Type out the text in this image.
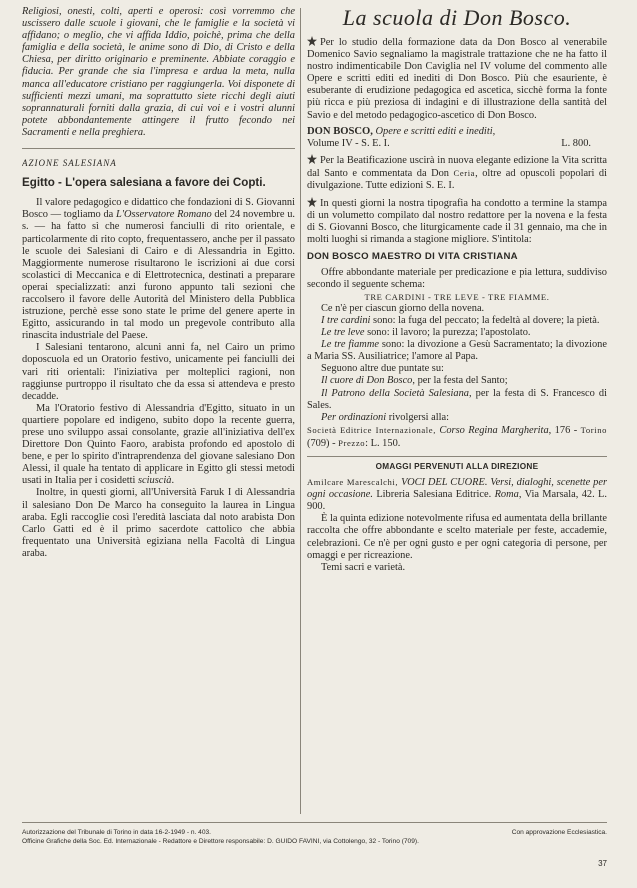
Religiosi, onesti, colti, aperti e operosi: così vorremmo che uscissero dalle scuole i giovani, che le famiglie e la società vi affidano; o meglio, che vi affida Iddio, poichè, prima che della famiglia e della società, le anime sono di Dio, di Cristo e della Chiesa, per diritto originario e preminente. Abbiate coraggio e fiducia. Per grande che sia l'impresa e ardua la meta, nulla manca all'educatore cristiano per raggiungerla. Voi disponete di sufficienti mezzi umani, ma soprattutto siete ricchi degli aiuti soprannaturali forniti dalla grazia, di cui voi e i vostri alunni potete abbondantemente attingere il frutto fecondo nei Sacramenti e nella preghiera.

AZIONE SALESIANA
Egitto - L'opera salesiana a favore dei Copti.

Il valore pedagogico e didattico che fondazioni di S. Giovanni Bosco — togliamo da L'Osservatore Romano del 24 novembre u. s. — ha fatto sì che numerosi fanciulli di rito orientale, e particolarmente di rito copto, frequentassero, anche per il passato le scuole dei Salesiani di Cairo e di Alessandria in Egitto. Maggiormente numerose risultarono le iscrizioni ai due corsi scolastici di Meccanica e di Elettrotecnica, destinati a preparare operai specializzati: anzi furono appunto tali sezioni che raccolsero il favore delle Autorità del Ministero della Pubblica istruzione, perchè esse sono state le prime del genere aperte in Egitto, assicurando in tal modo un pregevole contributo alla rinascita industriale del Paese.

I Salesiani tentarono, alcuni anni fa, nel Cairo un primo doposcuola ed un Oratorio festivo, unicamente pei fanciulli dei vari riti orientali: l'iniziativa per molteplici ragioni, non raggiunse purtroppo il risultato che da essa si attendeva e presto decadde.

Ma l'Oratorio festivo di Alessandria d'Egitto, situato in un quartiere popolare ed indigeno, subito dopo la recente guerra, prese uno sviluppo assai consolante, grazie all'iniziativa dell'ex Direttore Don Quinto Faoro, arabista profondo ed apostolo di bene, e per lo spirito d'intraprendenza del giovane salesiano Don Alessi, il quale ha tentato di applicare in Egitto gli stessi metodi usati in Italia per i cosidetti sciuscià.

Inoltre, in questi giorni, all'Università Faruk I di Alessandria il salesiano Don De Marco ha conseguito la laurea in Lingua araba. Egli raccoglie così l'eredità lasciata dal noto arabista Don Carlo Gatti ed è il primo sacerdote cattolico che abbia frequentato una Università egiziana nella Facoltà di Lingua araba.

La scuola di Don Bosco.

Per lo studio della formazione data da Don Bosco al venerabile Domenico Savio segnaliamo la magistrale trattazione che ne ha fatto il nostro indimenticabile Don Caviglia nel IV volume del commento alle Opere e scritti editi ed inediti di Don Bosco. Più che esauriente, è esuberante di erudizione pedagogica ed ascetica, sicchè forma la fonte più ricca e più preziosa di indagini e di illustrazione della santità del Savio e del metodo pedagogico-ascetico di Don Bosco.

DON BOSCO, Opere e scritti editi e inediti,
Volume IV - S. E. I.	L. 800.

Per la Beatificazione uscirà in nuova elegante edizione la Vita scritta dal Santo e commentata da Don Ceria, oltre ad opuscoli popolari di divulgazione. Tutte edizioni S. E. I.

In questi giorni la nostra tipografia ha condotto a termine la stampa di un volumetto compilato dal nostro redattore per la novena e la festa di S. Giovanni Bosco, che liturgicamente cade il 31 gennaio, ma che in molti luoghi si rimanda a stagione migliore. S'intitola:

DON BOSCO MAESTRO DI VITA CRISTIANA

Offre abbondante materiale per predicazione e pia lettura, suddiviso secondo il seguente schema:

TRE CARDINI - TRE LEVE - TRE FIAMME.

Ce n'è per ciascun giorno della novena.

I tre cardini sono: la fuga del peccato; la fedeltà al dovere; la pietà.

Le tre leve sono: il lavoro; la purezza; l'apostolato.

Le tre fiamme sono: la divozione a Gesù Sacramentato; la divozione a Maria SS. Ausiliatrice; l'amore al Papa.

Seguono altre due puntate su:

Il cuore di Don Bosco, per la festa del Santo;

Il Patrono della Società Salesiana, per la festa di S. Francesco di Sales.

Per ordinazioni rivolgersi alla:

Società Editrice Internazionale, Corso Regina Margherita, 176 - Torino (709) - Prezzo: L. 150.

OMAGGI PERVENUTI ALLA DIREZIONE

Amilcare Marescalchi, VOCI DEL CUORE. Versi, dialoghi, scenette per ogni occasione. Libreria Salesiana Editrice. Roma, Via Marsala, 42. L. 900.

È la quinta edizione notevolmente rifusa ed aumentata della brillante raccolta che offre abbondante e scelto materiale per feste, accademie, celebrazioni. Ce n'è per ogni gusto e per ogni categoria di persone, per omaggi e per ricreazione.

Temi sacri e varietà.

Autorizzazione del Tribunale di Torino in data 16-2-1949 - n. 403.	Con approvazione Ecclesiastica.
Officine Grafiche della Soc. Ed. Internazionale - Redattore e Direttore responsabile: D. GUIDO FAVINI, via Cottolengo, 32 - Torino (709).
37
